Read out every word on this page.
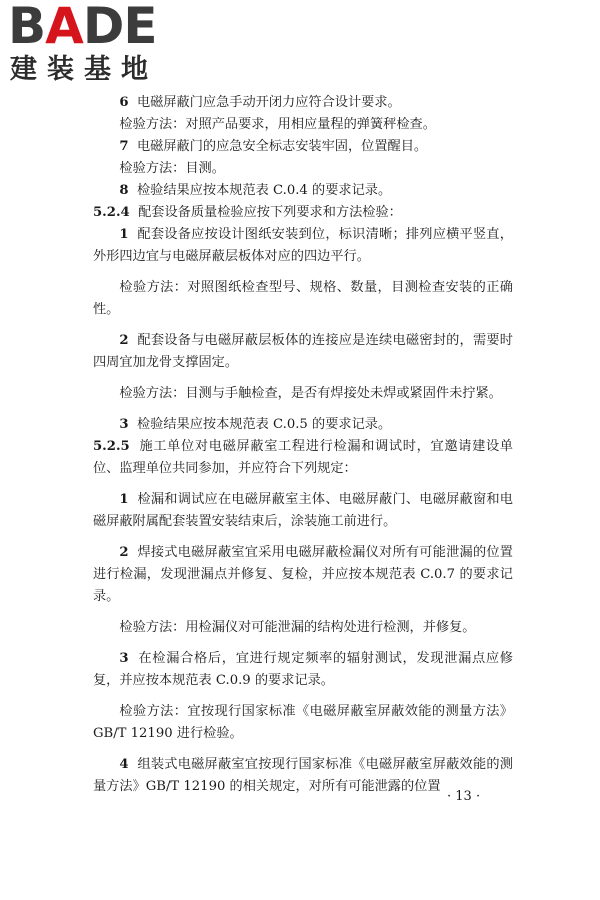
BADE
建装基地

6 电磁屏蔽门应急手动开闭力应符合设计要求。

检验方法：对照产品要求，用相应量程的弹簧秤检查。

7 电磁屏蔽门的应急安全标志安装牢固，位置醒目。

检验方法：目测。

8 检验结果应按本规范表 C.0.4 的要求记录。

5.2.4 配套设备质量检验应按下列要求和方法检验：

1 配套设备应按设计图纸安装到位，标识清晰；排列应横平竖直，外形四边宜与电磁屏蔽层板体对应的四边平行。

检验方法：对照图纸检查型号、规格、数量，目测检查安装的正确性。

2 配套设备与电磁屏蔽层板体的连接应是连续电磁密封的，需要时四周宜加龙骨支撑固定。

检验方法：目测与手触检查，是否有焊接处未焊或紧固件未拧紧。

3 检验结果应按本规范表 C.0.5 的要求记录。

5.2.5 施工单位对电磁屏蔽室工程进行检漏和调试时，宜邀请建设单位、监理单位共同参加，并应符合下列规定：

1 检漏和调试应在电磁屏蔽室主体、电磁屏蔽门、电磁屏蔽窗和电磁屏蔽附属配套装置安装结束后，涂装施工前进行。

2 焊接式电磁屏蔽室宜采用电磁屏蔽检漏仪对所有可能泄漏的位置进行检漏，发现泄漏点并修复、复检，并应按本规范表 C.0.7 的要求记录。

检验方法：用检漏仪对可能泄漏的结构处进行检测，并修复。

3 在检漏合格后，宜进行规定频率的辐射测试，发现泄漏点应修复，并应按本规范表 C.0.9 的要求记录。

检验方法：宜按现行国家标准《电磁屏蔽室屏蔽效能的测量方法》GB/T 12190 进行检验。

4 组装式电磁屏蔽室宜按现行国家标准《电磁屏蔽室屏蔽效能的测量方法》GB/T 12190 的相关规定，对所有可能泄露的位置

· 13 ·
